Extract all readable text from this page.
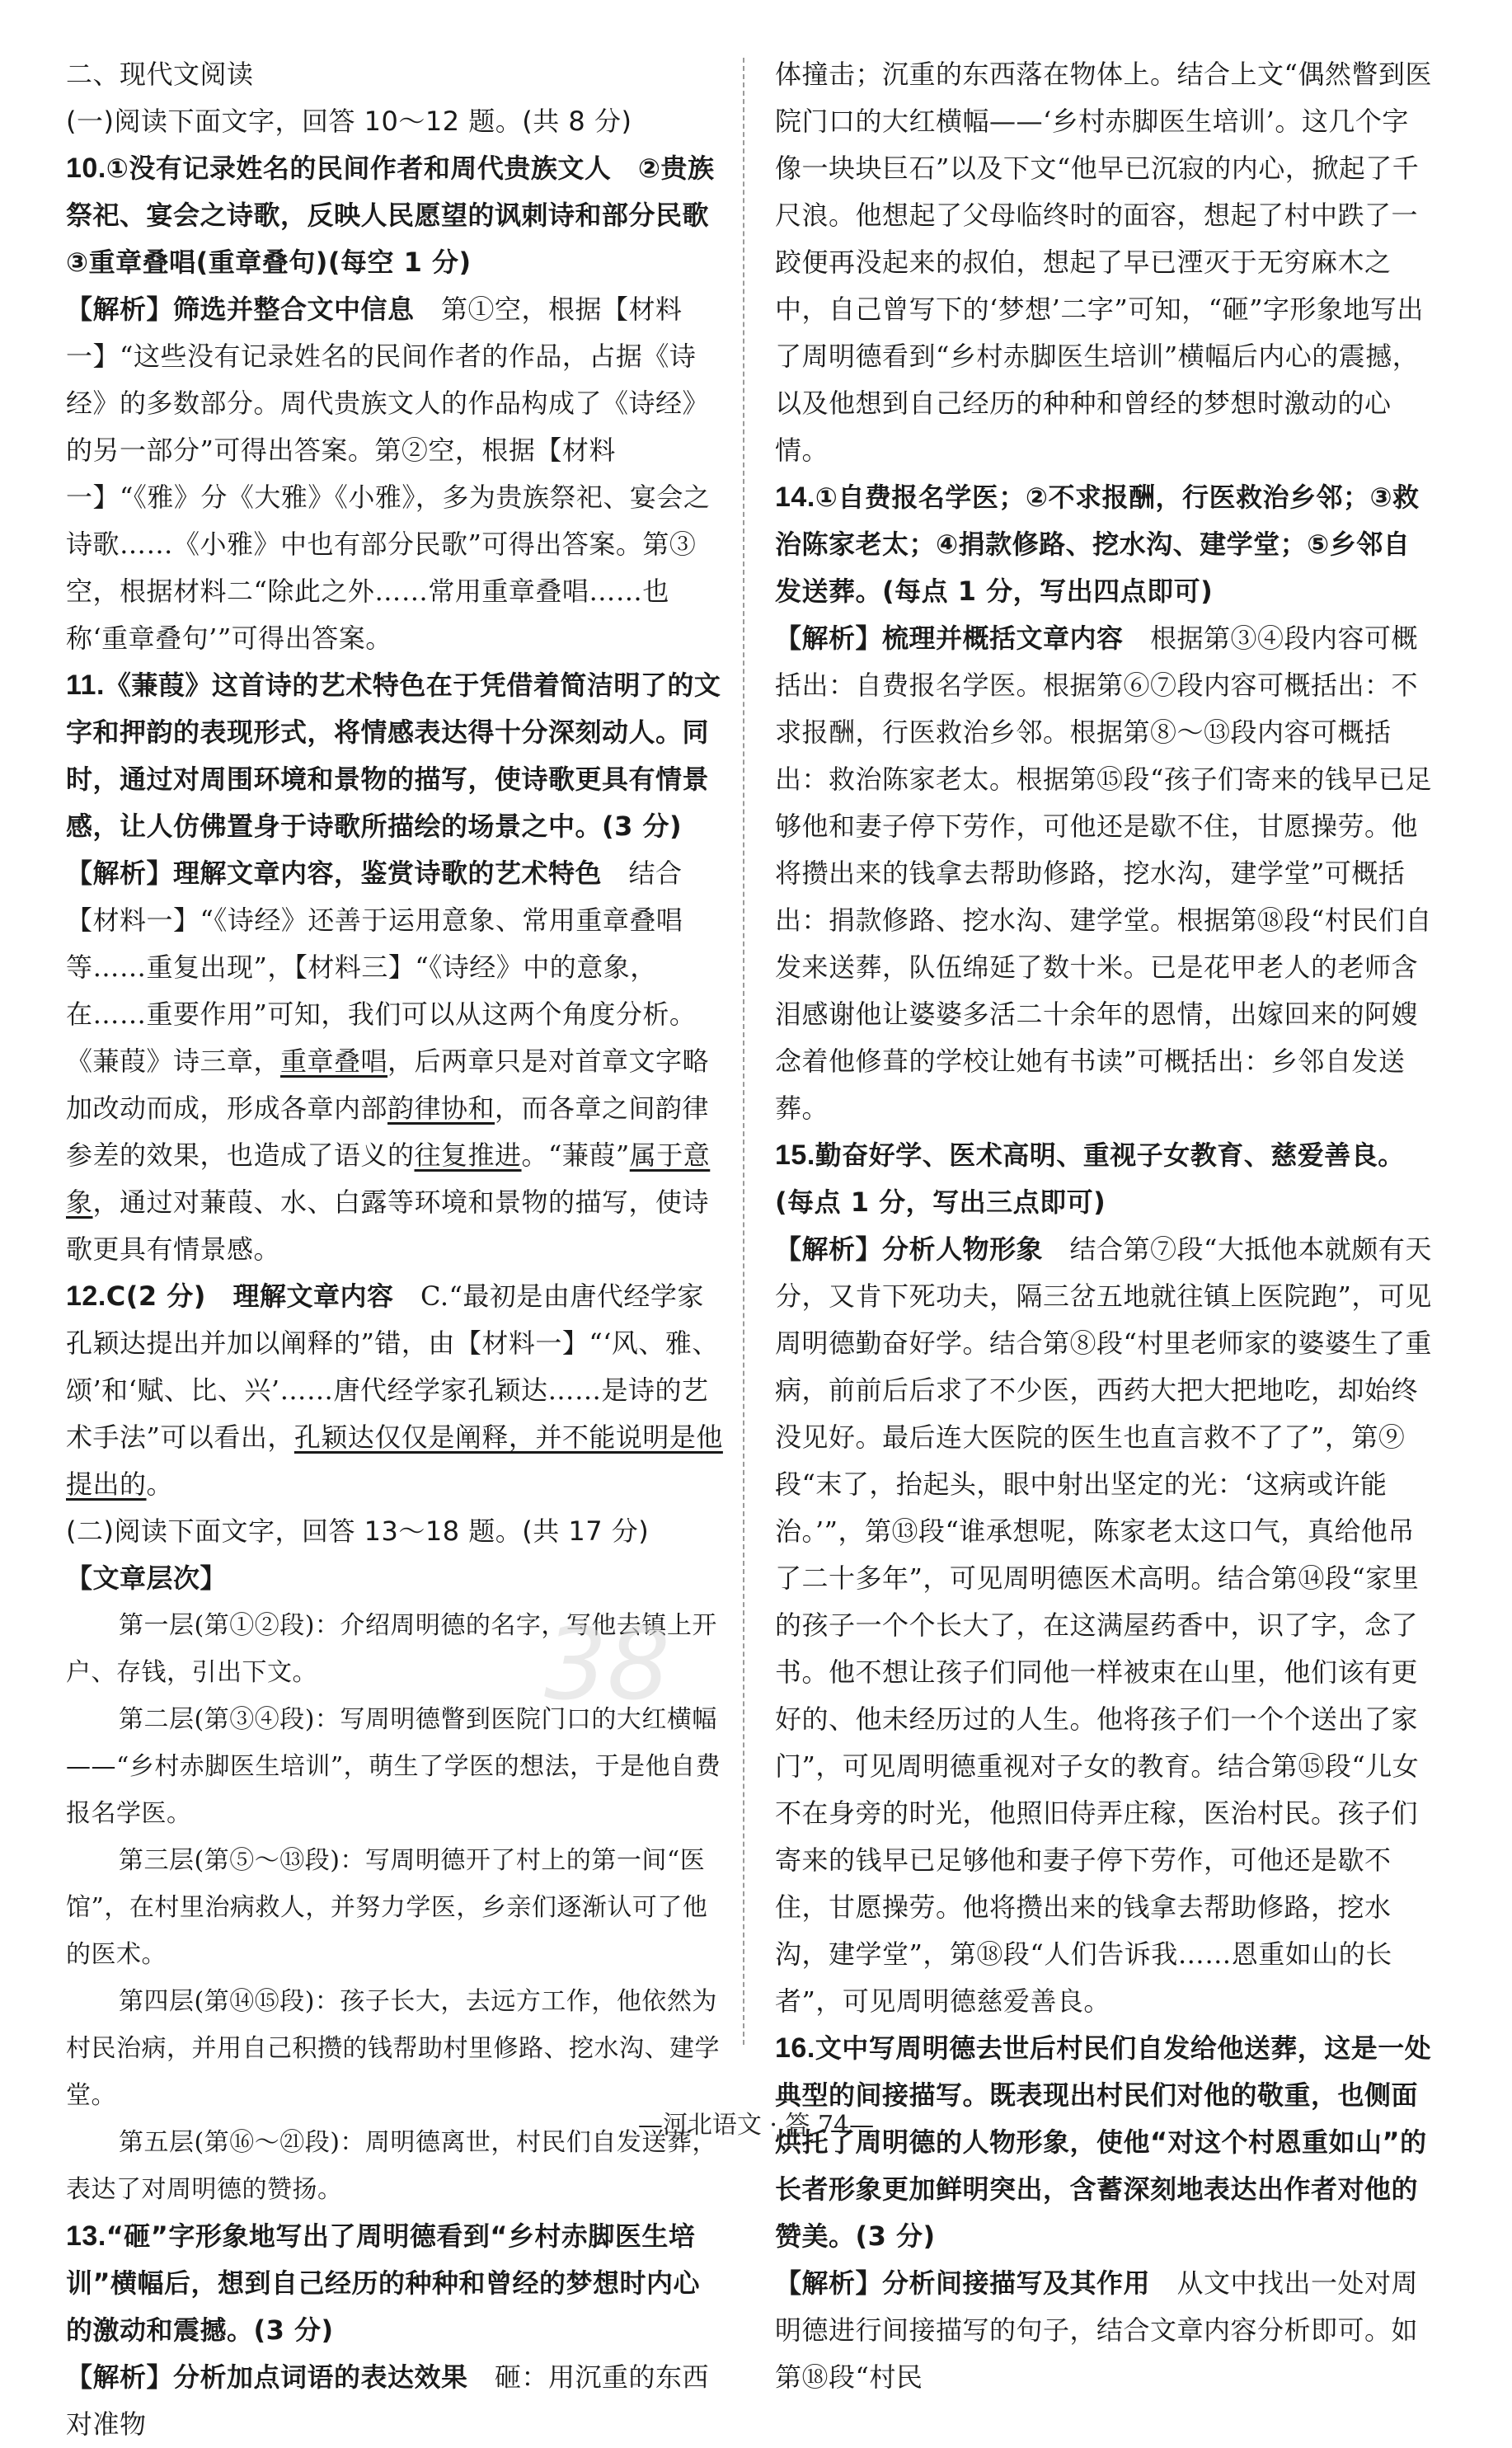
二、现代文阅读

(一)阅读下面文字，回答 10～12 题。(共 8 分)

10.①没有记录姓名的民间作者和周代贵族文人　②贵族祭祀、宴会之诗歌，反映人民愿望的讽刺诗和部分民歌　③重章叠唱(重章叠句)(每空 1 分)

【解析】筛选并整合文中信息　 第①空，根据【材料一】“这些没有记录姓名的民间作者的作品，占据《诗经》的多数部分。周代贵族文人的作品构成了《诗经》的另一部分”可得出答案。第②空，根据【材料一】“《雅》分《大雅》《小雅》，多为贵族祭祀、宴会之诗歌……《小雅》中也有部分民歌”可得出答案。第③空，根据材料二“除此之外……常用重章叠唱……也称‘重章叠句’”可得出答案。

11.《蒹葭》这首诗的艺术特色在于凭借着简洁明了的文字和押韵的表现形式，将情感表达得十分深刻动人。同时，通过对周围环境和景物的描写，使诗歌更具有情景感，让人仿佛置身于诗歌所描绘的场景之中。(3 分)

【解析】理解文章内容，鉴赏诗歌的艺术特色　 结合【材料一】“《诗经》还善于运用意象、常用重章叠唱等……重复出现”，【材料三】“《诗经》中的意象，在……重要作用”可知，我们可以从这两个角度分析。《蒹葭》诗三章，重章叠唱，后两章只是对首章文字略加改动而成，形成各章内部韵律协和，而各章之间韵律参差的效果，也造成了语义的往复推进。“蒹葭”属于意象，通过对蒹葭、水、白露等环境和景物的描写，使诗歌更具有情景感。

12.C(2 分)　 理解文章内容　 C.“最初是由唐代经学家孔颖达提出并加以阐释的”错，由【材料一】“‘风、雅、颂’和‘赋、比、兴’……唐代经学家孔颖达……是诗的艺术手法”可以看出，孔颖达仅仅是阐释，并不能说明是他提出的。

(二)阅读下面文字，回答 13～18 题。(共 17 分)

【文章层次】

第一层(第①②段)：介绍周明德的名字，写他去镇上开户、存钱，引出下文。

第二层(第③④段)：写周明德瞥到医院门口的大红横幅——“乡村赤脚医生培训”，萌生了学医的想法，于是他自费报名学医。

第三层(第⑤～⑬段)：写周明德开了村上的第一间“医馆”，在村里治病救人，并努力学医，乡亲们逐渐认可了他的医术。

第四层(第⑭⑮段)：孩子长大，去远方工作，他依然为村民治病，并用自己积攒的钱帮助村里修路、挖水沟、建学堂。

第五层(第⑯～㉑段)：周明德离世，村民们自发送葬，表达了对周明德的赞扬。

13.“砸”字形象地写出了周明德看到“乡村赤脚医生培训”横幅后，想到自己经历的种种和曾经的梦想时内心的激动和震撼。(3 分)

【解析】分析加点词语的表达效果　 砸：用沉重的东西对准物

体撞击；沉重的东西落在物体上。结合上文“偶然瞥到医院门口的大红横幅——‘乡村赤脚医生培训’。这几个字像一块块巨石”以及下文“他早已沉寂的内心，掀起了千尺浪。他想起了父母临终时的面容，想起了村中跌了一跤便再没起来的叔伯，想起了早已湮灭于无穷麻木之中，自己曾写下的‘梦想’二字”可知，“砸”字形象地写出了周明德看到“乡村赤脚医生培训”横幅后内心的震撼，以及他想到自己经历的种种和曾经的梦想时激动的心情。

14.①自费报名学医；②不求报酬，行医救治乡邻；③救治陈家老太；④捐款修路、挖水沟、建学堂；⑤乡邻自发送葬。(每点 1 分，写出四点即可)

【解析】梳理并概括文章内容　 根据第③④段内容可概括出：自费报名学医。根据第⑥⑦段内容可概括出：不求报酬，行医救治乡邻。根据第⑧～⑬段内容可概括出：救治陈家老太。根据第⑮段“孩子们寄来的钱早已足够他和妻子停下劳作，可他还是歇不住，甘愿操劳。他将攒出来的钱拿去帮助修路，挖水沟，建学堂”可概括出：捐款修路、挖水沟、建学堂。根据第⑱段“村民们自发来送葬，队伍绵延了数十米。已是花甲老人的老师含泪感谢他让婆婆多活二十余年的恩情，出嫁回来的阿嫂念着他修葺的学校让她有书读”可概括出：乡邻自发送葬。

15.勤奋好学、医术高明、重视子女教育、慈爱善良。(每点 1 分，写出三点即可)

【解析】分析人物形象　 结合第⑦段“大抵他本就颇有天分，又肯下死功夫，隔三岔五地就往镇上医院跑”，可见周明德勤奋好学。结合第⑧段“村里老师家的婆婆生了重病，前前后后求了不少医，西药大把大把地吃，却始终没见好。最后连大医院的医生也直言救不了了”，第⑨段“末了，抬起头，眼中射出坚定的光：‘这病或许能治。’”，第⑬段“谁承想呢，陈家老太这口气，真给他吊了二十多年”，可见周明德医术高明。结合第⑭段“家里的孩子一个个长大了，在这满屋药香中，识了字，念了书。他不想让孩子们同他一样被束在山里，他们该有更好的、他未经历过的人生。他将孩子们一个个送出了家门”，可见周明德重视对子女的教育。结合第⑮段“儿女不在身旁的时光，他照旧侍弄庄稼，医治村民。孩子们寄来的钱早已足够他和妻子停下劳作，可他还是歇不住，甘愿操劳。他将攒出来的钱拿去帮助修路，挖水沟，建学堂”，第⑱段“人们告诉我……恩重如山的长者”，可见周明德慈爱善良。

16.文中写周明德去世后村民们自发给他送葬，这是一处典型的间接描写。既表现出村民们对他的敬重，也侧面烘托了周明德的人物形象，使他“对这个村恩重如山”的长者形象更加鲜明突出，含蓄深刻地表达出作者对他的赞美。(3 分)

【解析】分析间接描写及其作用　 从文中找出一处对周明德进行间接描写的句子，结合文章内容分析即可。如第⑱段“村民

38
—河北语文 · 答 74—
